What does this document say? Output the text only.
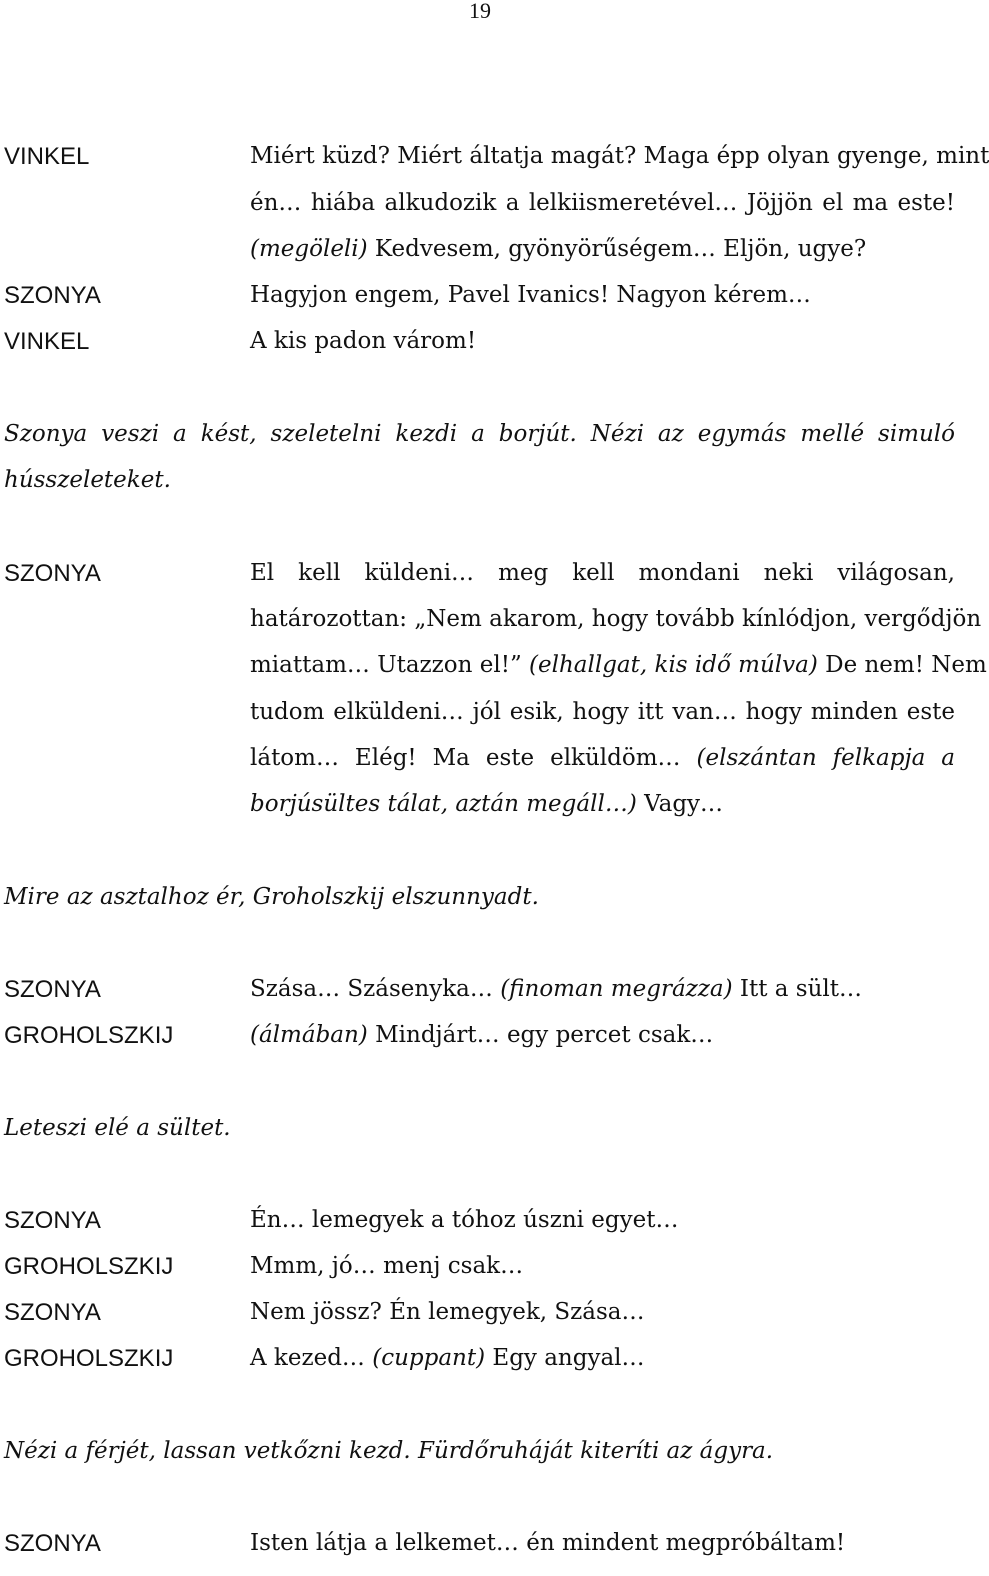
19
VINKEL	Miért küzd? Miért áltatja magát? Maga épp olyan gyenge, mint
én… hiába alkudozik a lelkiismeretével… Jöjjön el ma este!
(megöleli) Kedvesem, gyönyörűségem… Eljön, ugye?
SZONYA	Hagyjon engem, Pavel Ivanics! Nagyon kérem…
VINKEL	A kis padon várom!
Szonya veszi a kést, szeletelni kezdi a borjút. Nézi az egymás mellé simuló
hússzeleteket.
SZONYA	El kell küldeni… meg kell mondani neki világosan,
határozottan: „Nem akarom, hogy tovább kínlódjon, vergődjön
miattam… Utazzon el!” (elhallgat, kis idő múlva) De nem! Nem
tudom elküldeni… jól esik, hogy itt van… hogy minden este
látom… Elég! Ma este elküldöm… (elszántan felkapja a
borjúsültes tálat, aztán megáll…) Vagy…
Mire az asztalhoz ér, Groholszkij elszunnyadt.
SZONYA	Szása… Szásenyka… (finoman megrázza) Itt a sült…
GROHOLSZKIJ	(álmában) Mindjárt… egy percet csak…
Leteszi elé a sültet.
SZONYA	Én… lemegyek a tóhoz úszni egyet…
GROHOLSZKIJ	Mmm, jó… menj csak…
SZONYA	Nem jössz? Én lemegyek, Szása…
GROHOLSZKIJ	A kezed… (cuppant) Egy angyal…
Nézi a férjét, lassan vetkőzni kezd. Fürdőruháját kiteríti az ágyra.
SZONYA	Isten látja a lelkemet… én mindent megpróbáltam!
